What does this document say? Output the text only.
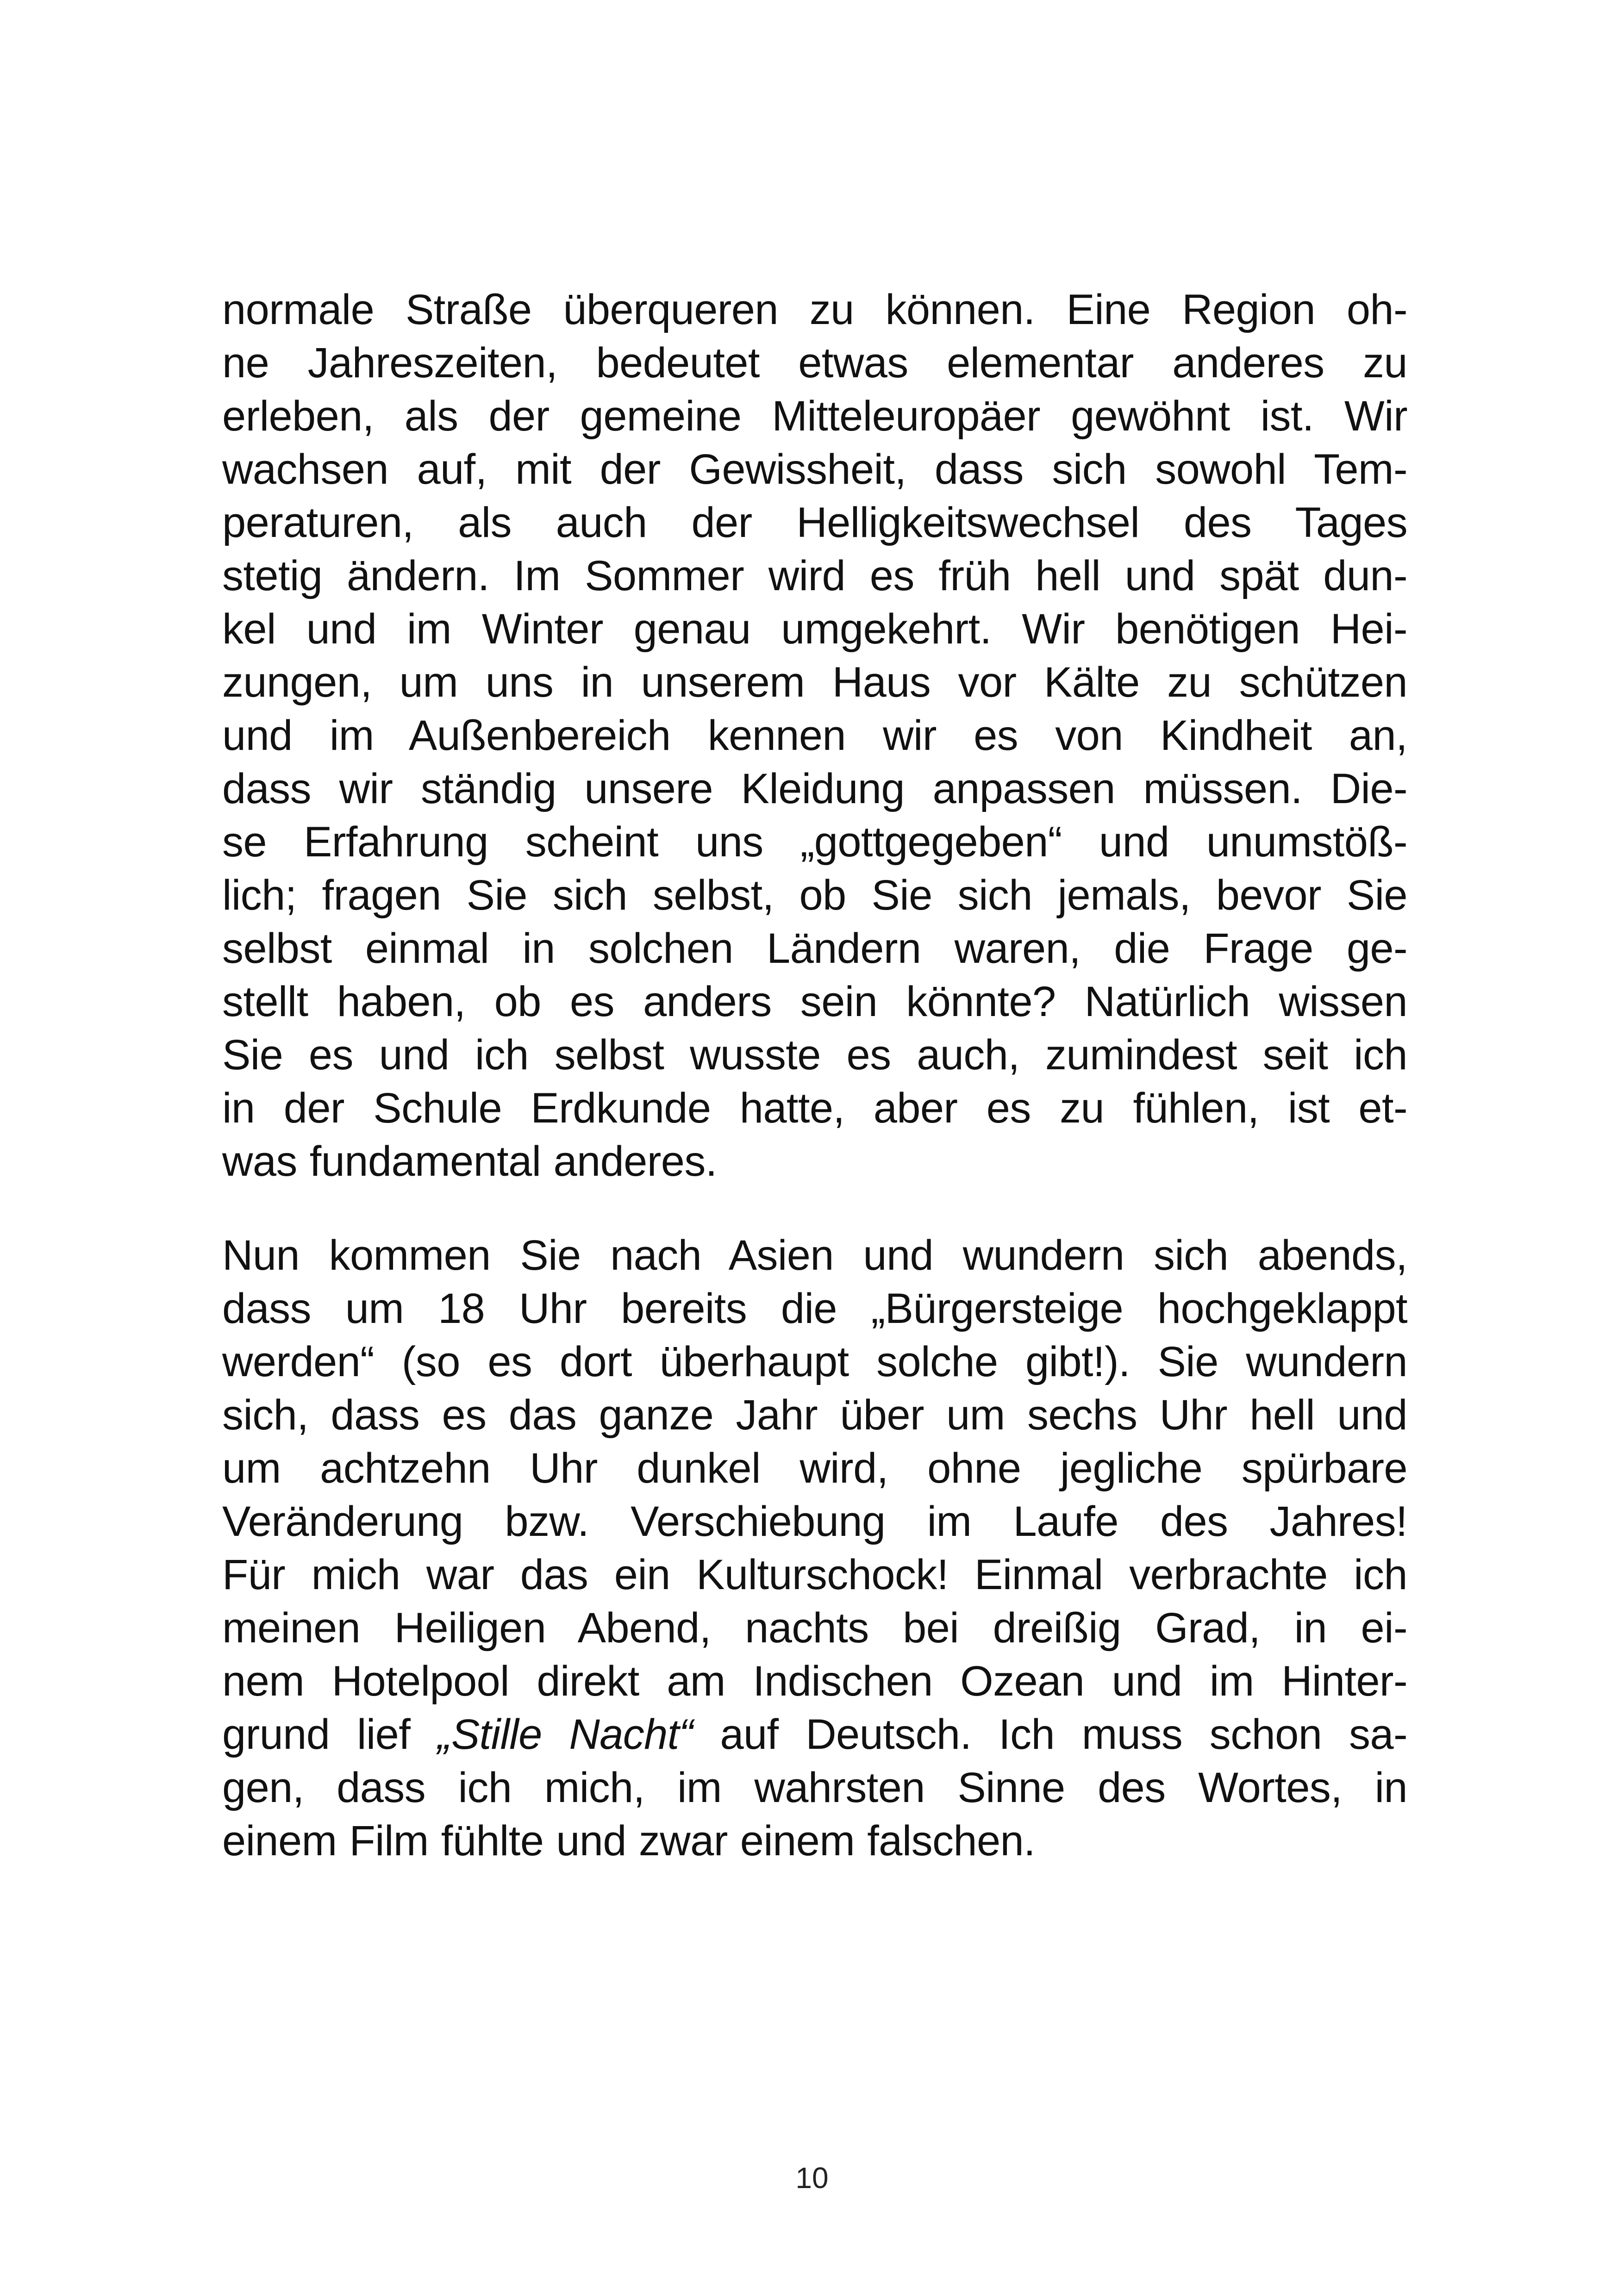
normale Straße überqueren zu können. Eine Region oh-
ne Jahreszeiten, bedeutet etwas elementar anderes zu
erleben, als der gemeine Mitteleuropäer gewöhnt ist. Wir
wachsen auf, mit der Gewissheit, dass sich sowohl Tem-
peraturen, als auch der Helligkeitswechsel des Tages
stetig ändern. Im Sommer wird es früh hell und spät dun-
kel und im Winter genau umgekehrt. Wir benötigen Hei-
zungen, um uns in unserem Haus vor Kälte zu schützen
und im Außenbereich kennen wir es von Kindheit an,
dass wir ständig unsere Kleidung anpassen müssen. Die-
se Erfahrung scheint uns „gottgegeben“ und unumstöß-
lich; fragen Sie sich selbst, ob Sie sich jemals, bevor Sie
selbst einmal in solchen Ländern waren, die Frage ge-
stellt haben, ob es anders sein könnte? Natürlich wissen
Sie es und ich selbst wusste es auch, zumindest seit ich
in der Schule Erdkunde hatte, aber es zu fühlen, ist et-
was fundamental anderes.
Nun kommen Sie nach Asien und wundern sich abends,
dass um 18 Uhr bereits die „Bürgersteige hochgeklappt
werden“ (so es dort überhaupt solche gibt!). Sie wundern
sich, dass es das ganze Jahr über um sechs Uhr hell und
um achtzehn Uhr dunkel wird, ohne jegliche spürbare
Veränderung bzw. Verschiebung im Laufe des Jahres!
Für mich war das ein Kulturschock! Einmal verbrachte ich
meinen Heiligen Abend, nachts bei dreißig Grad, in ei-
nem Hotelpool direkt am Indischen Ozean und im Hinter-
grund lief „Stille Nacht“ auf Deutsch. Ich muss schon sa-
gen, dass ich mich, im wahrsten Sinne des Wortes, in
einem Film fühlte und zwar einem falschen.
10
